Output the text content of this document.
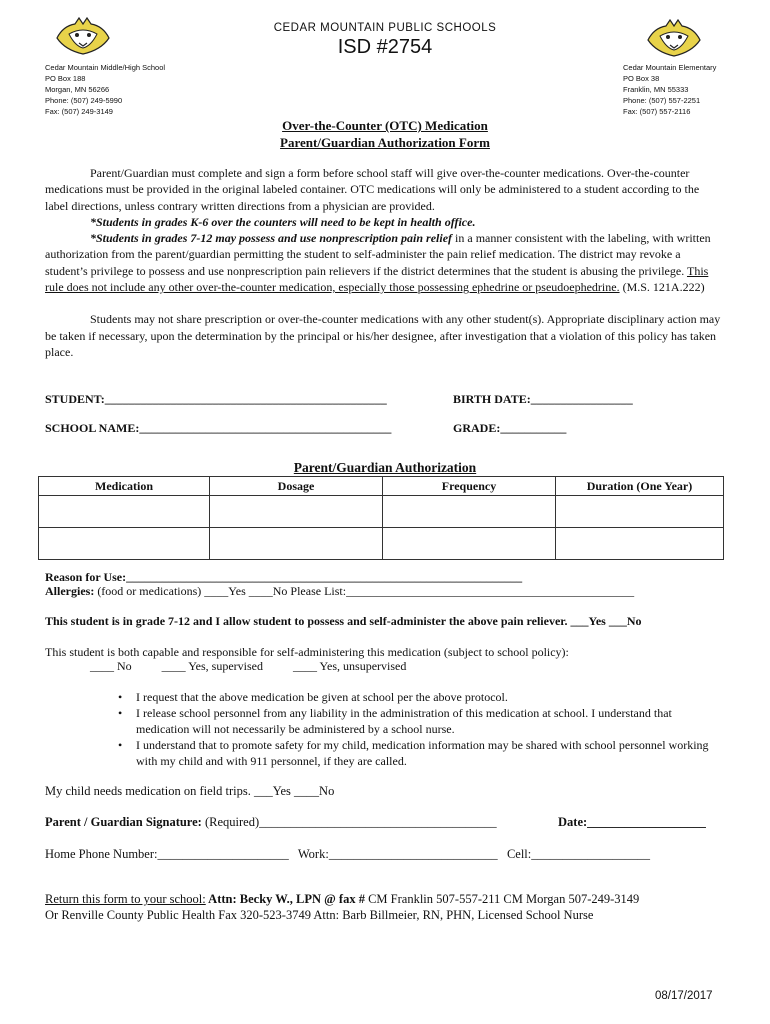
CEDAR MOUNTAIN PUBLIC SCHOOLS
ISD #2754
Cedar Mountain Middle/High School
PO Box 188
Morgan, MN 56266
Phone: (507) 249-5990
Fax: (507) 249-3149
Cedar Mountain Elementary
PO Box 38
Franklin, MN 55333
Phone: (507) 557-2251
Fax: (507) 557-2116
Over-the-Counter (OTC) Medication
Parent/Guardian Authorization Form
Parent/Guardian must complete and sign a form before school staff will give over-the-counter medications. Over-the-counter medications must be provided in the original labeled container. OTC medications will only be administered to a student according to the label directions, unless contrary written directions from a physician are provided.
*Students in grades K-6 over the counters will need to be kept in health office.
*Students in grades 7-12 may possess and use nonprescription pain relief in a manner consistent with the labeling, with written authorization from the parent/guardian permitting the student to self-administer the pain relief medication. The district may revoke a student’s privilege to possess and use nonprescription pain relievers if the district determines that the student is abusing the privilege. This rule does not include any other over-the-counter medication, especially those possessing ephedrine or pseudoephedrine. (M.S. 121A.222)
Students may not share prescription or over-the-counter medications with any other student(s). Appropriate disciplinary action may be taken if necessary, upon the determination by the principal or his/her designee, after investigation that a violation of this policy has taken place.
STUDENT:_______________________________________________	BIRTH DATE:_________________
SCHOOL NAME:__________________________________________	GRADE:___________
Parent/Guardian Authorization
Medication	Dosage	Frequency	Duration (One Year)

Reason for Use:__________________________________________________________________
Allergies: (food or medications) ____Yes ____No Please List:________________________________________________
This student is in grade 7-12 and I allow student to possess and self-administer the above pain reliever. ___Yes ___No
This student is both capable and responsible for self-administering this medication (subject to school policy):
____ No          ____ Yes, supervised          ____ Yes, unsupervised
• I request that the above medication be given at school per the above protocol.
• I release school personnel from any liability in the administration of this medication at school. I understand that medication will not necessarily be administered by a school nurse.
• I understand that to promote safety for my child, medication information may be shared with school personnel working with my child and with 911 personnel, if they are called.
My child needs medication on field trips. ___Yes ____No
Parent / Guardian Signature: (Required)______________________________________	Date:___________________
Home Phone Number:_____________________   Work:___________________________   Cell:___________________
Return this form to your school: Attn: Becky W., LPN @ fax # CM Franklin 507-557-211 CM Morgan 507-249-3149
Or Renville County Public Health Fax 320-523-3749 Attn: Barb Billmeier, RN, PHN, Licensed School Nurse
08/17/2017
